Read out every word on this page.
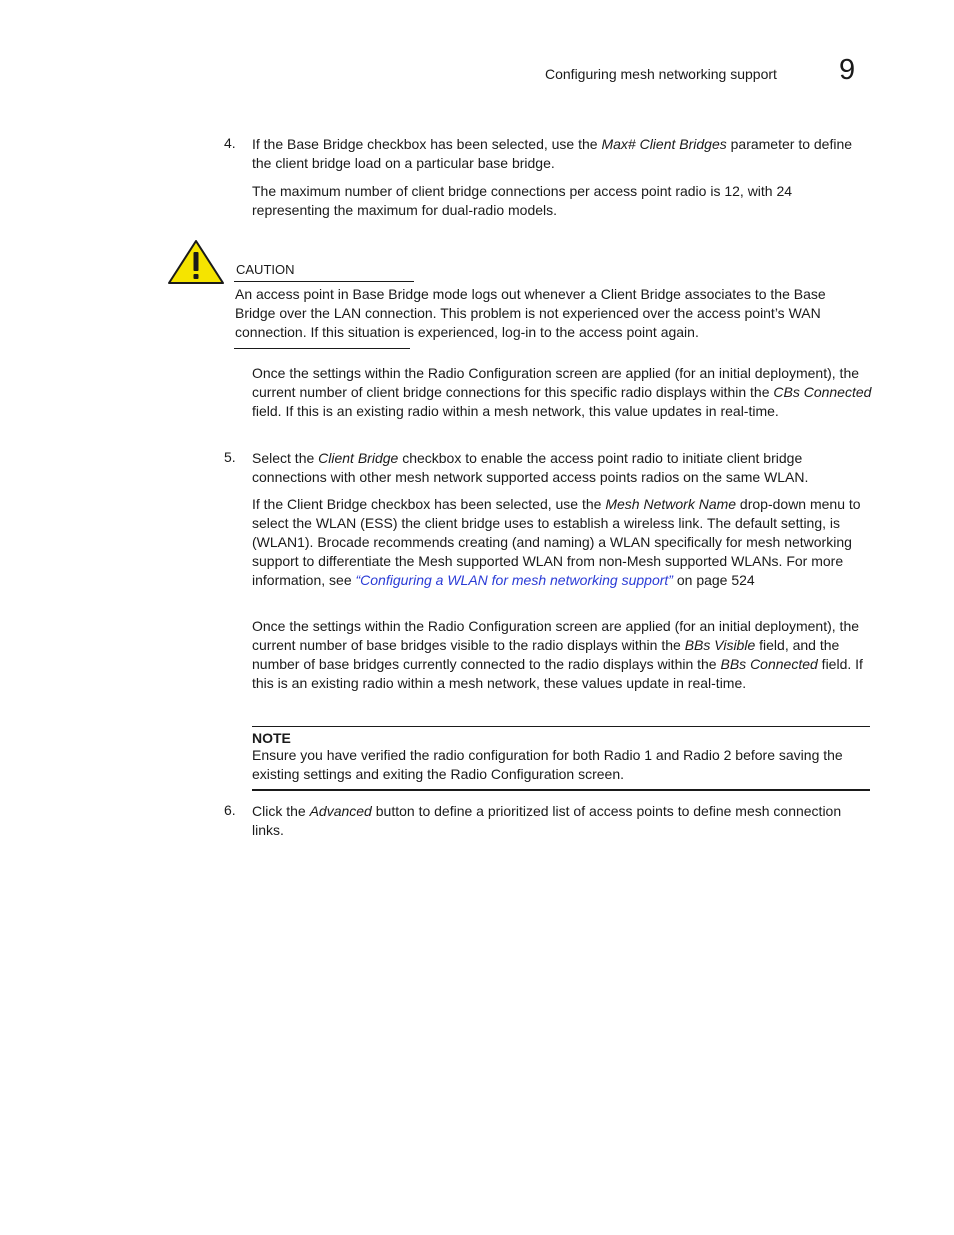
Configuring mesh networking support 9
4. If the Base Bridge checkbox has been selected, use the Max# Client Bridges parameter to define the client bridge load on a particular base bridge.
The maximum number of client bridge connections per access point radio is 12, with 24 representing the maximum for dual-radio models.
CAUTION
An access point in Base Bridge mode logs out whenever a Client Bridge associates to the Base Bridge over the LAN connection. This problem is not experienced over the access point’s WAN connection. If this situation is experienced, log-in to the access point again.
Once the settings within the Radio Configuration screen are applied (for an initial deployment), the current number of client bridge connections for this specific radio displays within the CBs Connected field. If this is an existing radio within a mesh network, this value updates in real-time.
5. Select the Client Bridge checkbox to enable the access point radio to initiate client bridge connections with other mesh network supported access points radios on the same WLAN.
If the Client Bridge checkbox has been selected, use the Mesh Network Name drop-down menu to select the WLAN (ESS) the client bridge uses to establish a wireless link. The default setting, is (WLAN1). Brocade recommends creating (and naming) a WLAN specifically for mesh networking support to differentiate the Mesh supported WLAN from non-Mesh supported WLANs. For more information, see “Configuring a WLAN for mesh networking support” on page 524
Once the settings within the Radio Configuration screen are applied (for an initial deployment), the current number of base bridges visible to the radio displays within the BBs Visible field, and the number of base bridges currently connected to the radio displays within the BBs Connected field. If this is an existing radio within a mesh network, these values update in real-time.
NOTE
Ensure you have verified the radio configuration for both Radio 1 and Radio 2 before saving the existing settings and exiting the Radio Configuration screen.
6. Click the Advanced button to define a prioritized list of access points to define mesh connection links.
